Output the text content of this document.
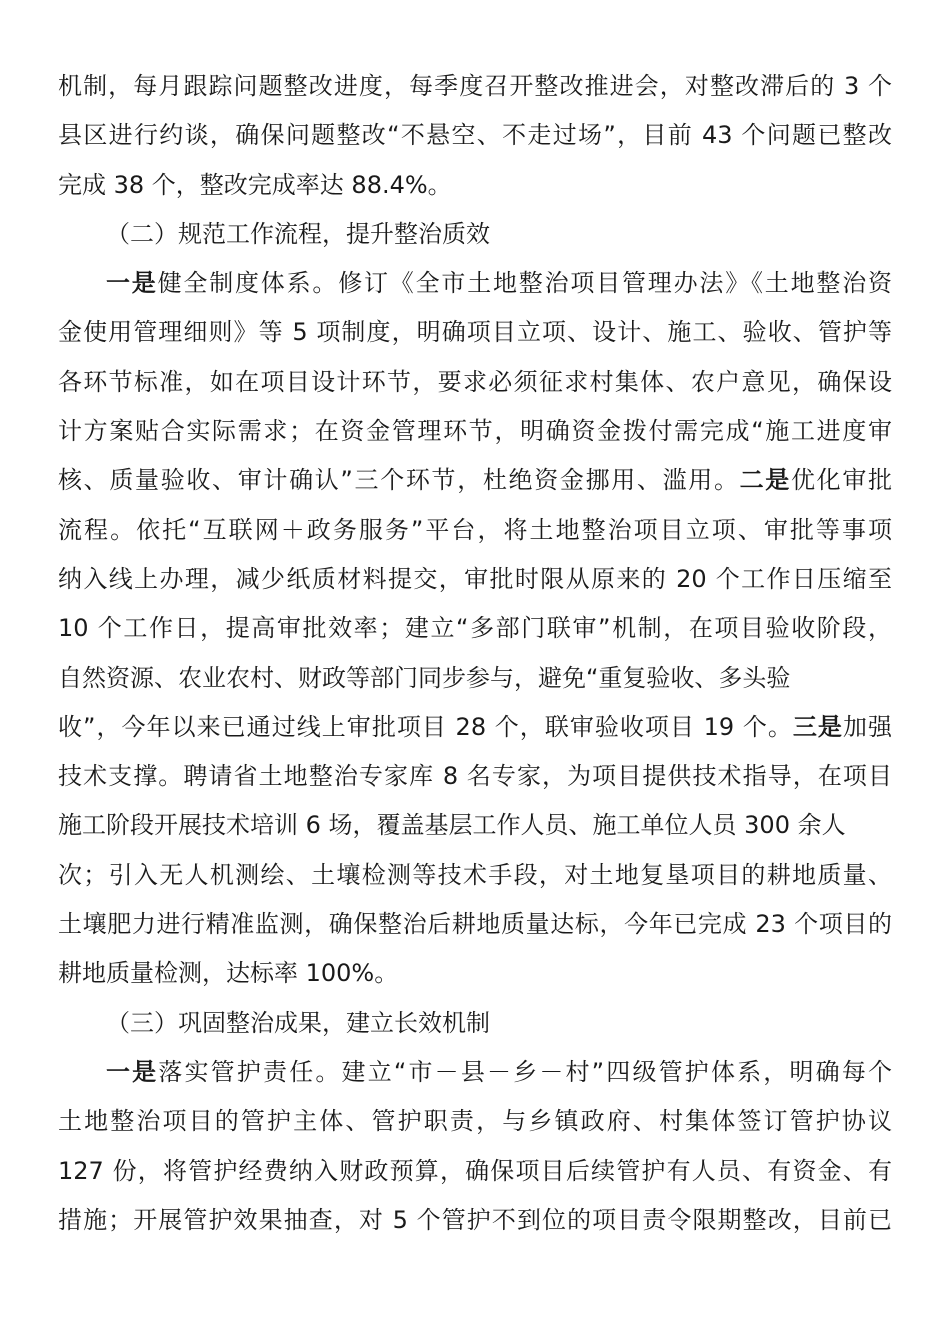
机制，每月跟踪问题整改进度，每季度召开整改推进会，对整改滞后的 3 个
县区进行约谈，确保问题整改“不悬空、不走过场”，目前 43 个问题已整改
完成 38 个，整改完成率达 88.4%。
（二）规范工作流程，提升整治质效
一是健全制度体系。修订《全市土地整治项目管理办法》《土地整治资
金使用管理细则》等 5 项制度，明确项目立项、设计、施工、验收、管护等
各环节标准，如在项目设计环节，要求必须征求村集体、农户意见，确保设
计方案贴合实际需求；在资金管理环节，明确资金拨付需完成“施工进度审
核、质量验收、审计确认”三个环节，杜绝资金挪用、滥用。二是优化审批
流程。依托“互联网＋政务服务”平台，将土地整治项目立项、审批等事项
纳入线上办理，减少纸质材料提交，审批时限从原来的 20 个工作日压缩至
10 个工作日，提高审批效率；建立“多部门联审”机制，在项目验收阶段，
自然资源、农业农村、财政等部门同步参与，避免“重复验收、多头验
收”，今年以来已通过线上审批项目 28 个，联审验收项目 19 个。三是加强
技术支撑。聘请省土地整治专家库 8 名专家，为项目提供技术指导，在项目
施工阶段开展技术培训 6 场，覆盖基层工作人员、施工单位人员 300 余人
次；引入无人机测绘、土壤检测等技术手段，对土地复垦项目的耕地质量、
土壤肥力进行精准监测，确保整治后耕地质量达标，今年已完成 23 个项目的
耕地质量检测，达标率 100%。
（三）巩固整治成果，建立长效机制
一是落实管护责任。建立“市－县－乡－村”四级管护体系，明确每个
土地整治项目的管护主体、管护职责，与乡镇政府、村集体签订管护协议
127 份，将管护经费纳入财政预算，确保项目后续管护有人员、有资金、有
措施；开展管护效果抽查，对 5 个管护不到位的项目责令限期整改，目前已
